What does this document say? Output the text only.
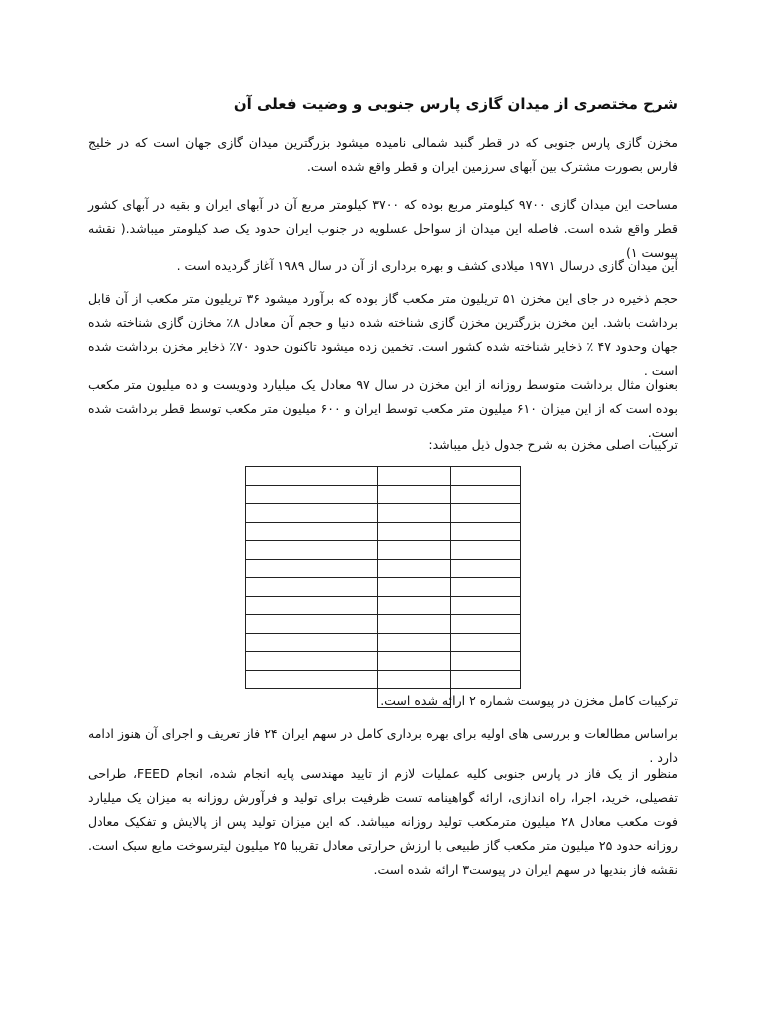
شرح مختصری از میدان گازی پارس جنوبی و وضیت فعلی آن

مخزن گازی پارس جنوبی که در قطر گنبد شمالی نامیده میشود بزرگترین میدان گازی جهان است که در خلیج فارس بصورت مشترک بین آبهای سرزمین ایران و قطر واقع شده است.

مساحت این میدان گازی ۹۷۰۰ کیلومتر مربع بوده که ۳۷۰۰ کیلومتر مربع آن در آبهای ایران و بقیه در آبهای کشور قطر واقع شده است. فاصله این میدان از سواحل عسلویه در جنوب ایران حدود یک صد کیلومتر میباشد.( نقشه پیوست ۱)

این میدان گازی درسال ۱۹۷۱ میلادی کشف و بهره برداری از آن در سال ۱۹۸۹ آغاز گردیده است .

حجم ذخیره در جای این مخزن ۵۱ تریلیون متر مکعب گاز بوده که برآورد میشود ۳۶ تریلیون متر مکعب از آن قابل برداشت باشد. این مخزن بزرگترین مخزن گازی شناخته شده دنیا و حجم آن معادل ۸٪ مخازن گازی شناخته شده جهان وحدود ۴۷ ٪ ذخایر شناخته شده کشور است. تخمین زده میشود تاکنون حدود ۷۰٪ ذخایر مخزن برداشت شده است .

بعنوان مثال برداشت متوسط روزانه از این مخزن در سال ۹۷ معادل یک میلیارد ودویست و ده میلیون متر مکعب بوده است که از این میزان ۶۱۰ میلیون متر مکعب توسط ایران و ۶۰۰ میلیون متر مکعب توسط قطر برداشت شده است.

ترکیبات اصلی مخزن به شرح جدول ذیل میباشد:

ترکیبات کامل مخزن در پیوست شماره ۲ ارائه شده است.

براساس مطالعات و بررسی های اولیه برای بهره برداری کامل در سهم ایران ۲۴ فاز تعریف و اجرای آن هنوز ادامه دارد .

منظور از یک فاز در پارس جنوبی کلیه عملیات لازم از تایید مهندسی پایه انجام شده، انجام FEED، طراحی تفصیلی، خرید، اجرا، راه اندازی، ارائه گواهینامه تست ظرفیت برای تولید و فرآورش روزانه به میزان یک میلیارد فوت مکعب معادل ۲۸ میلیون مترمکعب تولید روزانه میباشد. که این میزان تولید پس از پالایش و تفکیک معادل روزانه حدود ۲۵ میلیون متر مکعب گاز طبیعی با ارزش حرارتی معادل تقریبا ۲۵ میلیون لیترسوخت مایع سبک است. نقشه فاز بندیها در سهم ایران در پیوست۳ ارائه شده است.
